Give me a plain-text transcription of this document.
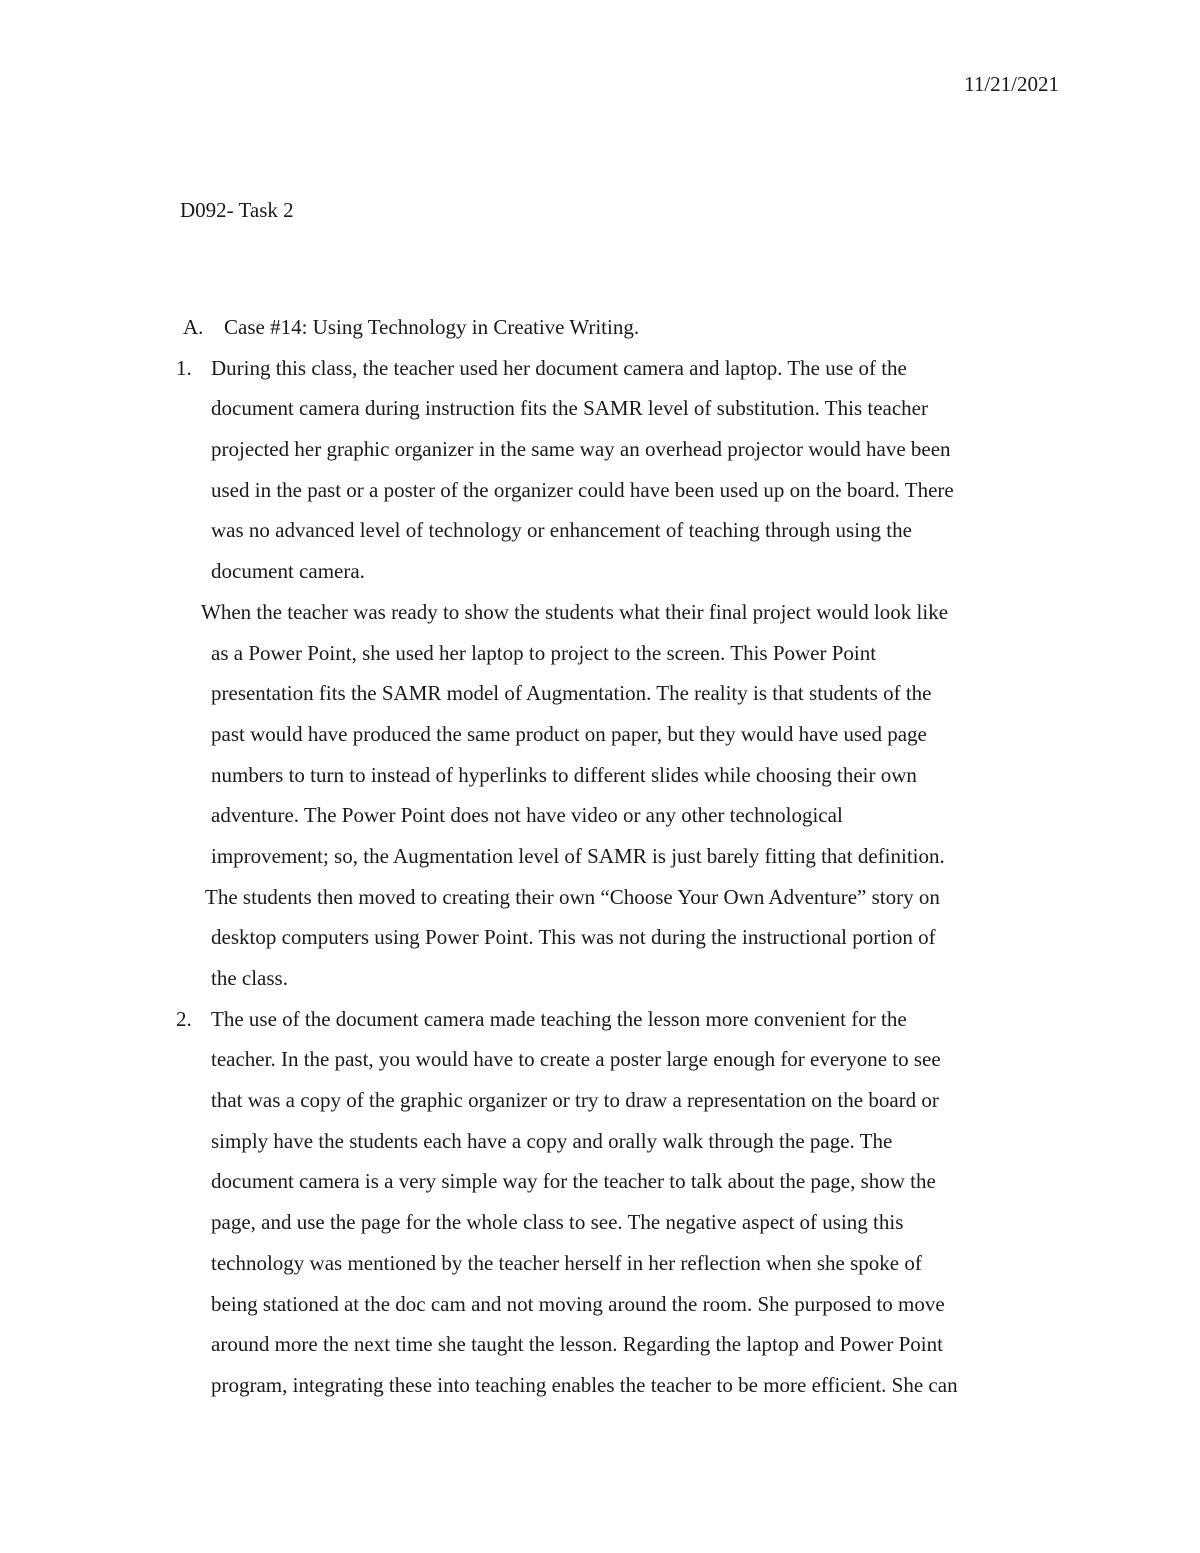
11/21/2021
D092- Task 2
A. Case #14: Using Technology in Creative Writing.
1. During this class, the teacher used her document camera and laptop. The use of the
document camera during instruction fits the SAMR level of substitution. This teacher
projected her graphic organizer in the same way an overhead projector would have been
used in the past or a poster of the organizer could have been used up on the board. There
was no advanced level of technology or enhancement of teaching through using the
document camera.
When the teacher was ready to show the students what their final project would look like
as a Power Point, she used her laptop to project to the screen. This Power Point
presentation fits the SAMR model of Augmentation. The reality is that students of the
past would have produced the same product on paper, but they would have used page
numbers to turn to instead of hyperlinks to different slides while choosing their own
adventure. The Power Point does not have video or any other technological
improvement; so, the Augmentation level of SAMR is just barely fitting that definition.
The students then moved to creating their own “Choose Your Own Adventure” story on
desktop computers using Power Point. This was not during the instructional portion of
the class.
2. The use of the document camera made teaching the lesson more convenient for the
teacher. In the past, you would have to create a poster large enough for everyone to see
that was a copy of the graphic organizer or try to draw a representation on the board or
simply have the students each have a copy and orally walk through the page. The
document camera is a very simple way for the teacher to talk about the page, show the
page, and use the page for the whole class to see. The negative aspect of using this
technology was mentioned by the teacher herself in her reflection when she spoke of
being stationed at the doc cam and not moving around the room. She purposed to move
around more the next time she taught the lesson. Regarding the laptop and Power Point
program, integrating these into teaching enables the teacher to be more efficient. She can
